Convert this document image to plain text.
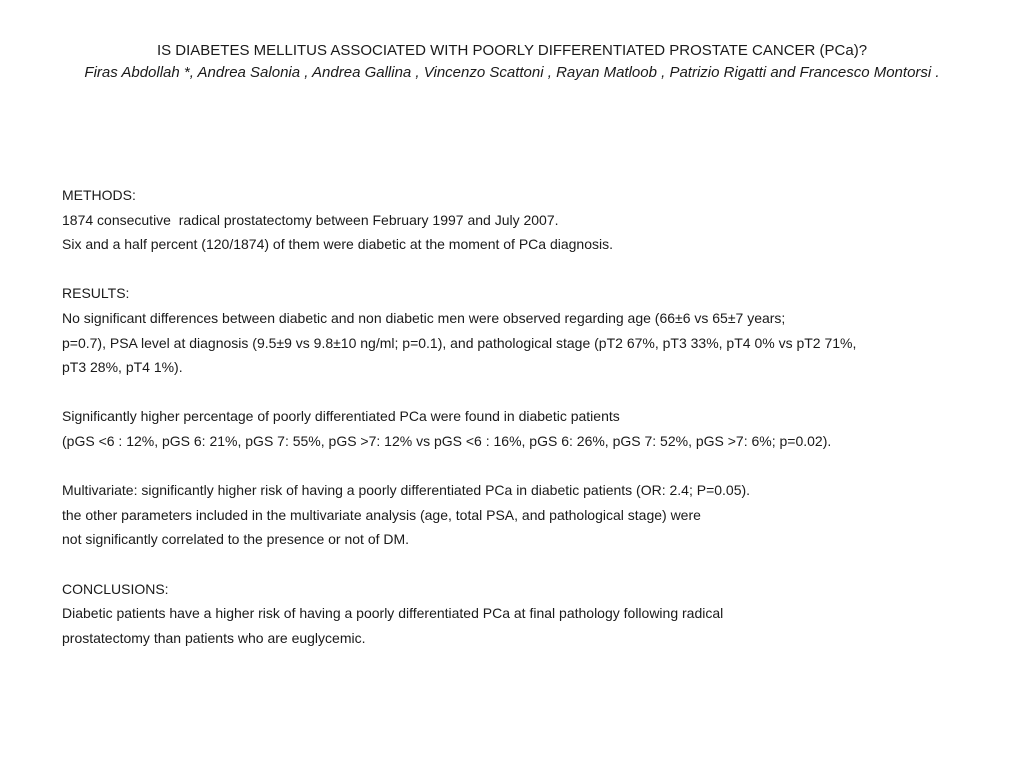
IS DIABETES MELLITUS ASSOCIATED WITH POORLY DIFFERENTIATED PROSTATE CANCER (PCa)?
Firas Abdollah *, Andrea Salonia , Andrea Gallina , Vincenzo Scattoni , Rayan Matloob , Patrizio Rigatti and Francesco Montorsi .
METHODS:
1874 consecutive  radical prostatectomy between February 1997 and July 2007.
Six and a half percent (120/1874) of them were diabetic at the moment of PCa diagnosis.
RESULTS:
No significant differences between diabetic and non diabetic men were observed regarding age (66±6 vs 65±7 years;
p=0.7), PSA level at diagnosis (9.5±9 vs 9.8±10 ng/ml; p=0.1), and pathological stage (pT2 67%, pT3 33%, pT4 0% vs pT2 71%,
pT3 28%, pT4 1%).
Significantly higher percentage of poorly differentiated PCa were found in diabetic patients
(pGS <6 : 12%, pGS 6: 21%, pGS 7: 55%, pGS >7: 12% vs pGS <6 : 16%, pGS 6: 26%, pGS 7: 52%, pGS >7: 6%; p=0.02).
Multivariate: significantly higher risk of having a poorly differentiated PCa in diabetic patients (OR: 2.4; P=0.05).
the other parameters included in the multivariate analysis (age, total PSA, and pathological stage) were
not significantly correlated to the presence or not of DM.
CONCLUSIONS:
Diabetic patients have a higher risk of having a poorly differentiated PCa at final pathology following radical
prostatectomy than patients who are euglycemic.
